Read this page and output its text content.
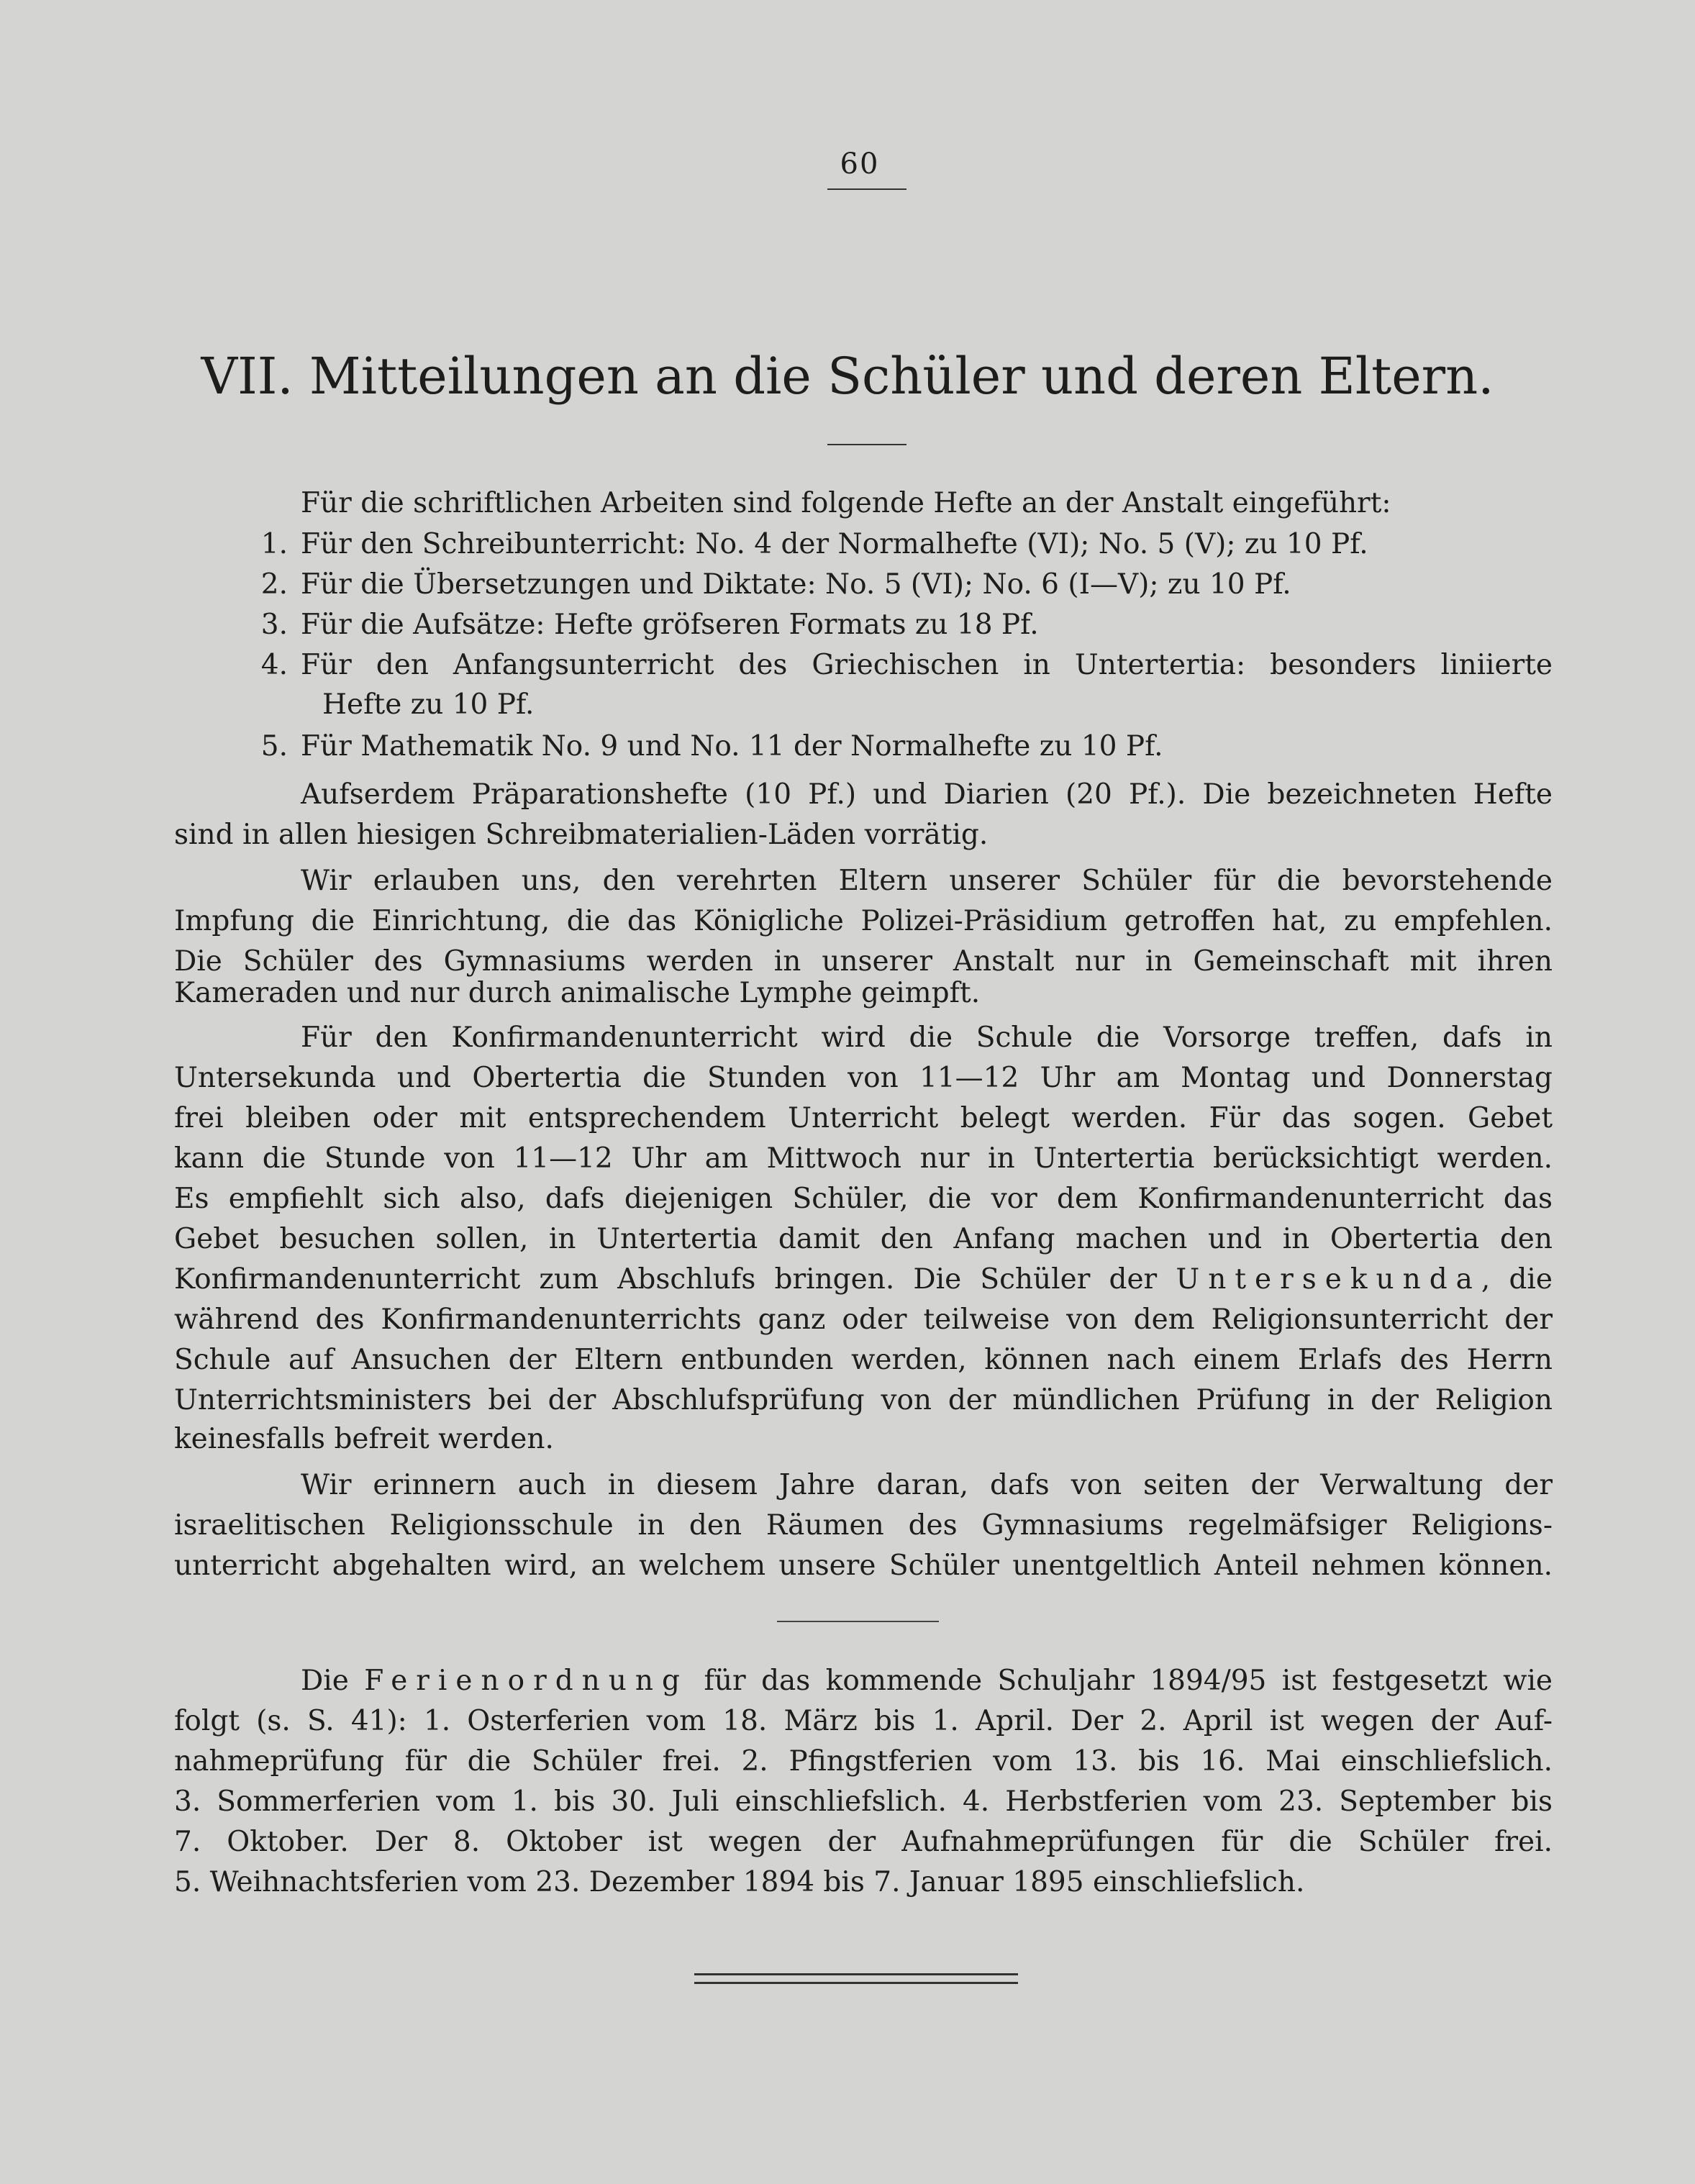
60
VII. Mitteilungen an die Schüler und deren Eltern.
Für die schriftlichen Arbeiten sind folgende Hefte an der Anstalt eingeführt:
1. Für den Schreibunterricht: No. 4 der Normalhefte (VI); No. 5 (V); zu 10 Pf.
2. Für die Übersetzungen und Diktate: No. 5 (VI); No. 6 (I—V); zu 10 Pf.
3. Für die Aufsätze: Hefte gröfseren Formats zu 18 Pf.
4. Für den Anfangsunterricht des Griechischen in Untertertia: besonders liniierte
Hefte zu 10 Pf.
5. Für Mathematik No. 9 und No. 11 der Normalhefte zu 10 Pf.
Aufserdem Präparationshefte (10 Pf.) und Diarien (20 Pf.). Die bezeichneten Hefte
sind in allen hiesigen Schreibmaterialien-Läden vorrätig.
Wir erlauben uns, den verehrten Eltern unserer Schüler für die bevorstehende
Impfung die Einrichtung, die das Königliche Polizei-Präsidium getroffen hat, zu empfehlen.
Die Schüler des Gymnasiums werden in unserer Anstalt nur in Gemeinschaft mit ihren
Kameraden und nur durch animalische Lymphe geimpft.
Für den Konfirmandenunterricht wird die Schule die Vorsorge treffen, dafs in
Untersekunda und Obertertia die Stunden von 11—12 Uhr am Montag und Donnerstag
frei bleiben oder mit entsprechendem Unterricht belegt werden. Für das sogen. Gebet
kann die Stunde von 11—12 Uhr am Mittwoch nur in Untertertia berücksichtigt werden.
Es empfiehlt sich also, dafs diejenigen Schüler, die vor dem Konfirmandenunterricht das
Gebet besuchen sollen, in Untertertia damit den Anfang machen und in Obertertia den
Konfirmandenunterricht zum Abschlufs bringen. Die Schüler der Untersekunda, die
während des Konfirmandenunterrichts ganz oder teilweise von dem Religionsunterricht der
Schule auf Ansuchen der Eltern entbunden werden, können nach einem Erlafs des Herrn
Unterrichtsministers bei der Abschlufsprüfung von der mündlichen Prüfung in der Religion
keinesfalls befreit werden.
Wir erinnern auch in diesem Jahre daran, dafs von seiten der Verwaltung der
israelitischen Religionsschule in den Räumen des Gymnasiums regelmäfsiger Religions-
unterricht abgehalten wird, an welchem unsere Schüler unentgeltlich Anteil nehmen können.
Die Ferienordnung für das kommende Schuljahr 1894/95 ist festgesetzt wie
folgt (s. S. 41): 1. Osterferien vom 18. März bis 1. April. Der 2. April ist wegen der Auf-
nahmeprüfung für die Schüler frei. 2. Pfingstferien vom 13. bis 16. Mai einschliefslich.
3. Sommerferien vom 1. bis 30. Juli einschliefslich. 4. Herbstferien vom 23. September bis
7. Oktober. Der 8. Oktober ist wegen der Aufnahmeprüfungen für die Schüler frei.
5. Weihnachtsferien vom 23. Dezember 1894 bis 7. Januar 1895 einschliefslich.
